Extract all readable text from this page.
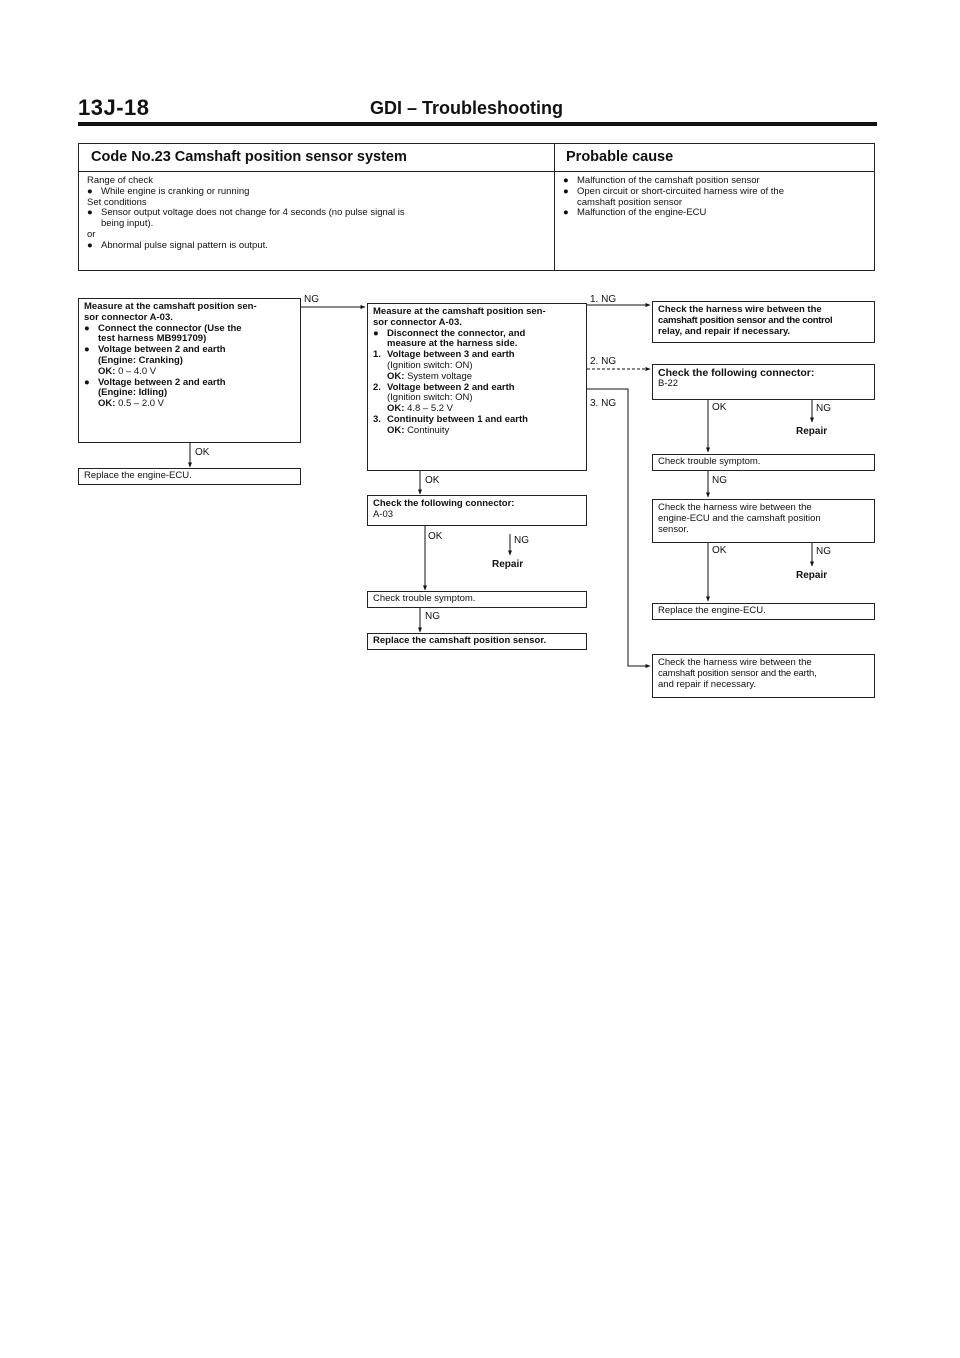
13J-18	GDI – Troubleshooting
Code No.23 Camshaft position sensor system	Probable cause
Range of check
● While engine is cranking or running
Set conditions
● Sensor output voltage does not change for 4 seconds (no pulse signal is
being input).
or
● Abnormal pulse signal pattern is output.
● Malfunction of the camshaft position sensor
● Open circuit or short-circuited harness wire of the
camshaft position sensor
● Malfunction of the engine-ECU
Measure at the camshaft position sen-
sor connector A-03.
● Connect the connector (Use the
test harness MB991709)
● Voltage between 2 and earth
(Engine: Cranking)
OK: 0 – 4.0 V
● Voltage between 2 and earth
(Engine: Idling)
OK: 0.5 – 2.0 V
NG
OK
Replace the engine-ECU.
Measure at the camshaft position sen-
sor connector A-03.
● Disconnect the connector, and
measure at the harness side.
1. Voltage between 3 and earth
(Ignition switch: ON)
OK: System voltage
2. Voltage between 2 and earth
(Ignition switch: ON)
OK: 4.8 – 5.2 V
3. Continuity between 1 and earth
OK: Continuity
1. NG
2. NG
3. NG
OK
Check the following connector:
A-03
OK	NG
Repair
Check trouble symptom.
NG
Replace the camshaft position sensor.
Check the harness wire between the
camshaft position sensor and the control
relay, and repair if necessary.
Check the following connector:
B-22
OK	NG
Repair
Check trouble symptom.
NG
Check the harness wire between the
engine-ECU and the camshaft position
sensor.
OK	NG
Repair
Replace the engine-ECU.
Check the harness wire between the
camshaft position sensor and the earth,
and repair if necessary.
